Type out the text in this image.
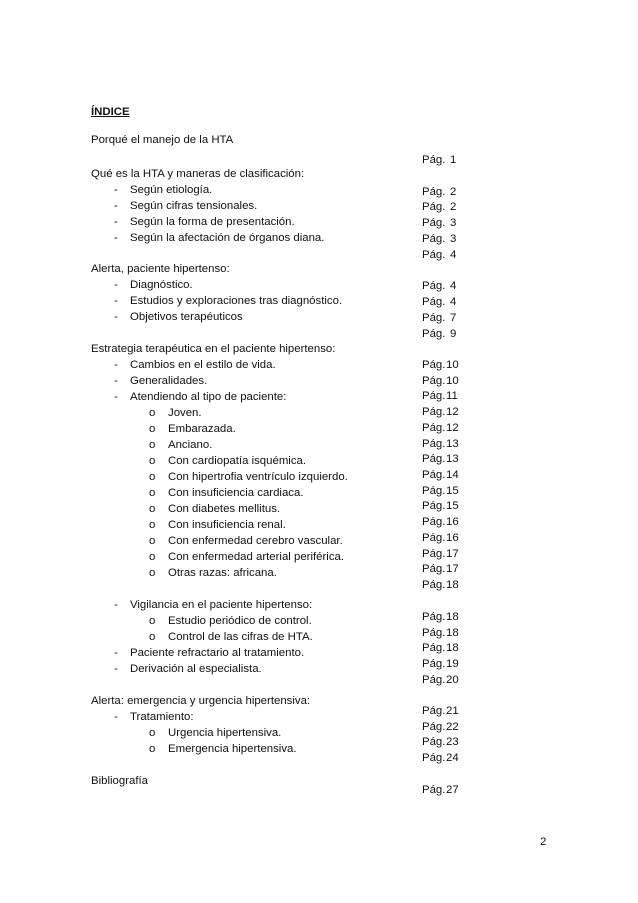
ÍNDICE
Porqué el manejo de la HTA
Qué es la HTA y maneras de clasificación:
- Según etiología.
- Según cifras tensionales.
- Según la forma de presentación.
- Según la afectación de órganos diana.
Alerta, paciente hipertenso:
- Diagnóstico.
- Estudios y exploraciones tras diagnóstico.
- Objetivos terapéuticos
Estrategia terapéutica en el paciente hipertenso:
- Cambios en el estilo de vida.
- Generalidades.
- Atendiendo al tipo de paciente:
o Joven.
o Embarazada.
o Anciano.
o Con cardiopatía isquémica.
o Con hipertrofia ventrículo izquierdo.
o Con insuficiencia cardiaca.
o Con diabetes mellitus.
o Con insuficiencia renal.
o Con enfermedad cerebro vascular.
o Con enfermedad arterial periférica.
o Otras razas: africana.
- Vigilancia en el paciente hipertenso:
o Estudio periódico de control.
o Control de las cifras de HTA.
- Paciente refractario al tratamiento.
- Derivación al especialista.
Alerta: emergencia y urgencia hipertensiva:
- Tratamiento:
o Urgencia hipertensiva.
o Emergencia hipertensiva.
Bibliografía
Pág. 1
Pág. 2
Pág. 2
Pág. 3
Pág. 3
Pág. 4
Pág. 4
Pág. 4
Pág. 7
Pág. 9
Pág. 10
Pág. 10
Pág. 11
Pág. 12
Pág. 12
Pág. 13
Pág. 13
Pág. 14
Pág. 15
Pág. 15
Pág. 16
Pág. 16
Pág. 17
Pág. 17
Pág. 18
Pág. 18
Pág. 18
Pág. 18
Pág. 19
Pág. 20
Pág. 21
Pág. 22
Pág. 23
Pág. 24
Pág. 27
2
